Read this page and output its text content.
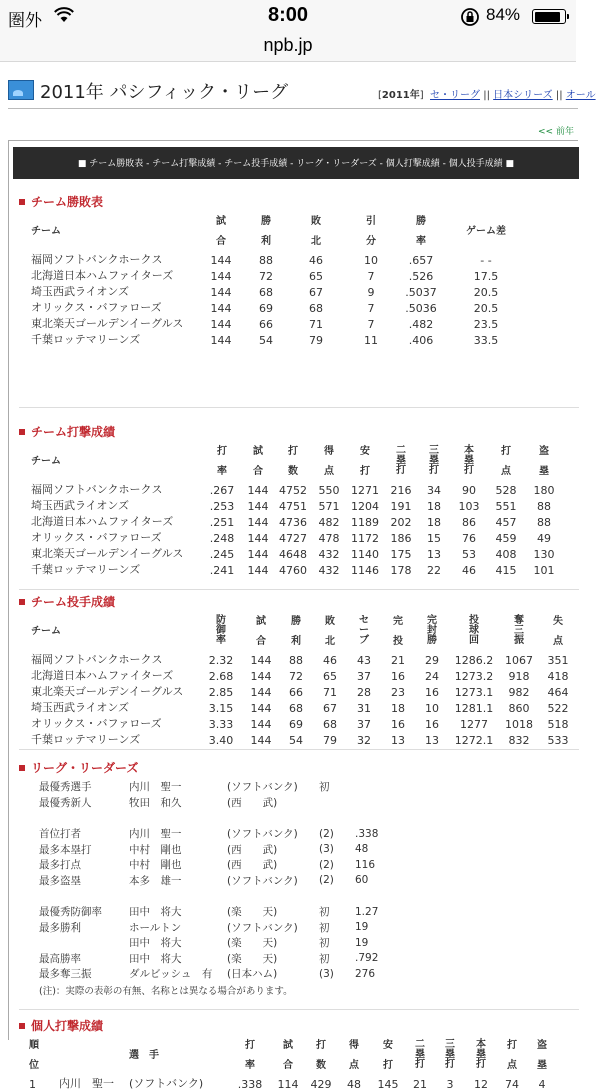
圏外	8:00	84%
npb.jp
2011年 パシフィック・リーグ	[2011年]  セ・リーグ || 日本シリーズ || オール
<< 前年
■ チーム勝敗表 - チーム打撃成績 - チーム投手成績 - リーグ・リーダーズ - 個人打撃成績 - 個人投手成績 ■
チーム勝敗表
チーム	試	勝	敗	引	勝	ゲーム差
	合	利	北	分	率	
福岡ソフトバンクホークス	144	88	46	10	.657	- -
北海道日本ハムファイターズ	144	72	65	7	.526	17.5
埼玉西武ライオンズ	144	68	67	9	.5037	20.5
オリックス・バファローズ	144	69	68	7	.5036	20.5
東北楽天ゴールデンイーグルス	144	66	71	7	.482	23.5
千葉ロッテマリーンズ	144	54	79	11	.406	33.5
チーム打撃成績
チーム	打	試	打	得	安	二塁打	三塁打	本塁打	打	盗
	率	合	数	点	打				点	塁
福岡ソフトバンクホークス	.267	144	4752	550	1271	216	34	90	528	180
埼玉西武ライオンズ	.253	144	4751	571	1204	191	18	103	551	88
北海道日本ハムファイターズ	.251	144	4736	482	1189	202	18	86	457	88
オリックス・バファローズ	.248	144	4727	478	1172	186	15	76	459	49
東北楽天ゴールデンイーグルス	.245	144	4648	432	1140	175	13	53	408	130
千葉ロッテマリーンズ	.241	144	4760	432	1146	178	22	46	415	101
チーム投手成績
チーム	防御率	試	勝	敗	セーブ	完	完封勝	投球回	奪三振	失
		合	利	北		投				点
福岡ソフトバンクホークス	2.32	144	88	46	43	21	29	1286.2	1067	351
北海道日本ハムファイターズ	2.68	144	72	65	37	16	24	1273.2	918	418
東北楽天ゴールデンイーグルス	2.85	144	66	71	28	23	16	1273.1	982	464
埼玉西武ライオンズ	3.15	144	68	67	31	18	10	1281.1	860	522
オリックス・バファローズ	3.33	144	69	68	37	16	16	1277	1018	518
千葉ロッテマリーンズ	3.40	144	54	79	32	13	13	1272.1	832	533
リーグ・リーダーズ
最優秀選手	内川　聖一	(ソフトバンク)	初	
最優秀新人	牧田　和久	(西　　武)		

首位打者	内川　聖一	(ソフトバンク)	(2)	.338
最多本塁打	中村　剛也	(西　　武)	(3)	48
最多打点	中村　剛也	(西　　武)	(2)	116
最多盗塁	本多　雄一	(ソフトバンク)	(2)	60

最優秀防御率	田中　将大	(楽　　天)	初	1.27
最多勝利	ホールトン	(ソフトバンク)	初	19
	田中　将大	(楽　　天)	初	19
最高勝率	田中　将大	(楽　　天)	初	.792
最多奪三振	ダルビッシュ　有	(日本ハム)	(3)	276
(注)：実際の表彰の有無、名称とは異なる場合があります。
個人打撃成績
順	選　手		打	試	打	得	安	二塁打	三塁打	本塁打	打	盗
位			率	合	数	点	打				点	塁
1	内川　聖一	(ソフトバンク)	.338	114	429	48	145	21	3	12	74	4
